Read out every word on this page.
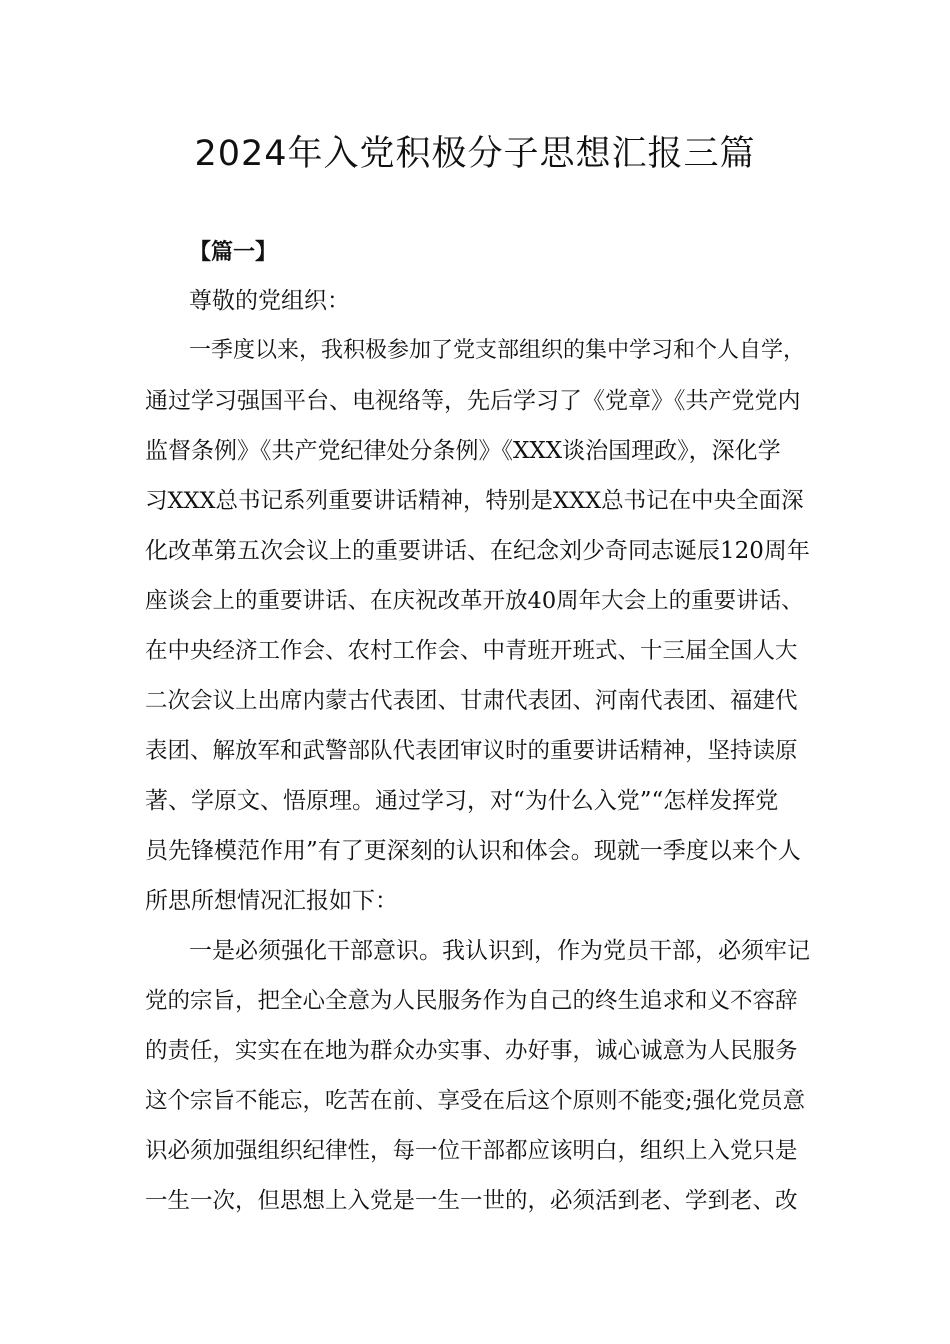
2024年入党积极分子思想汇报三篇

【篇一】

尊敬的党组织：

一季度以来，我积极参加了党支部组织的集中学习和个人自学，

通过学习强国平台、电视络等，先后学习了《党章》《共产党党内

监督条例》《共产党纪律处分条例》《XXX谈治国理政》，深化学

习XXX总书记系列重要讲话精神，特别是XXX总书记在中央全面深

化改革第五次会议上的重要讲话、在纪念刘少奇同志诞辰120周年

座谈会上的重要讲话、在庆祝改革开放40周年大会上的重要讲话、

在中央经济工作会、农村工作会、中青班开班式、十三届全国人大

二次会议上出席内蒙古代表团、甘肃代表团、河南代表团、福建代

表团、解放军和武警部队代表团审议时的重要讲话精神，坚持读原

著、学原文、悟原理。通过学习，对“为什么入党”“怎样发挥党

员先锋模范作用”有了更深刻的认识和体会。现就一季度以来个人

所思所想情况汇报如下：

一是必须强化干部意识。我认识到，作为党员干部，必须牢记

党的宗旨，把全心全意为人民服务作为自己的终生追求和义不容辞

的责任，实实在在地为群众办实事、办好事，诚心诚意为人民服务

这个宗旨不能忘，吃苦在前、享受在后这个原则不能变;强化党员意

识必须加强组织纪律性，每一位干部都应该明白，组织上入党只是

一生一次，但思想上入党是一生一世的，必须活到老、学到老、改
